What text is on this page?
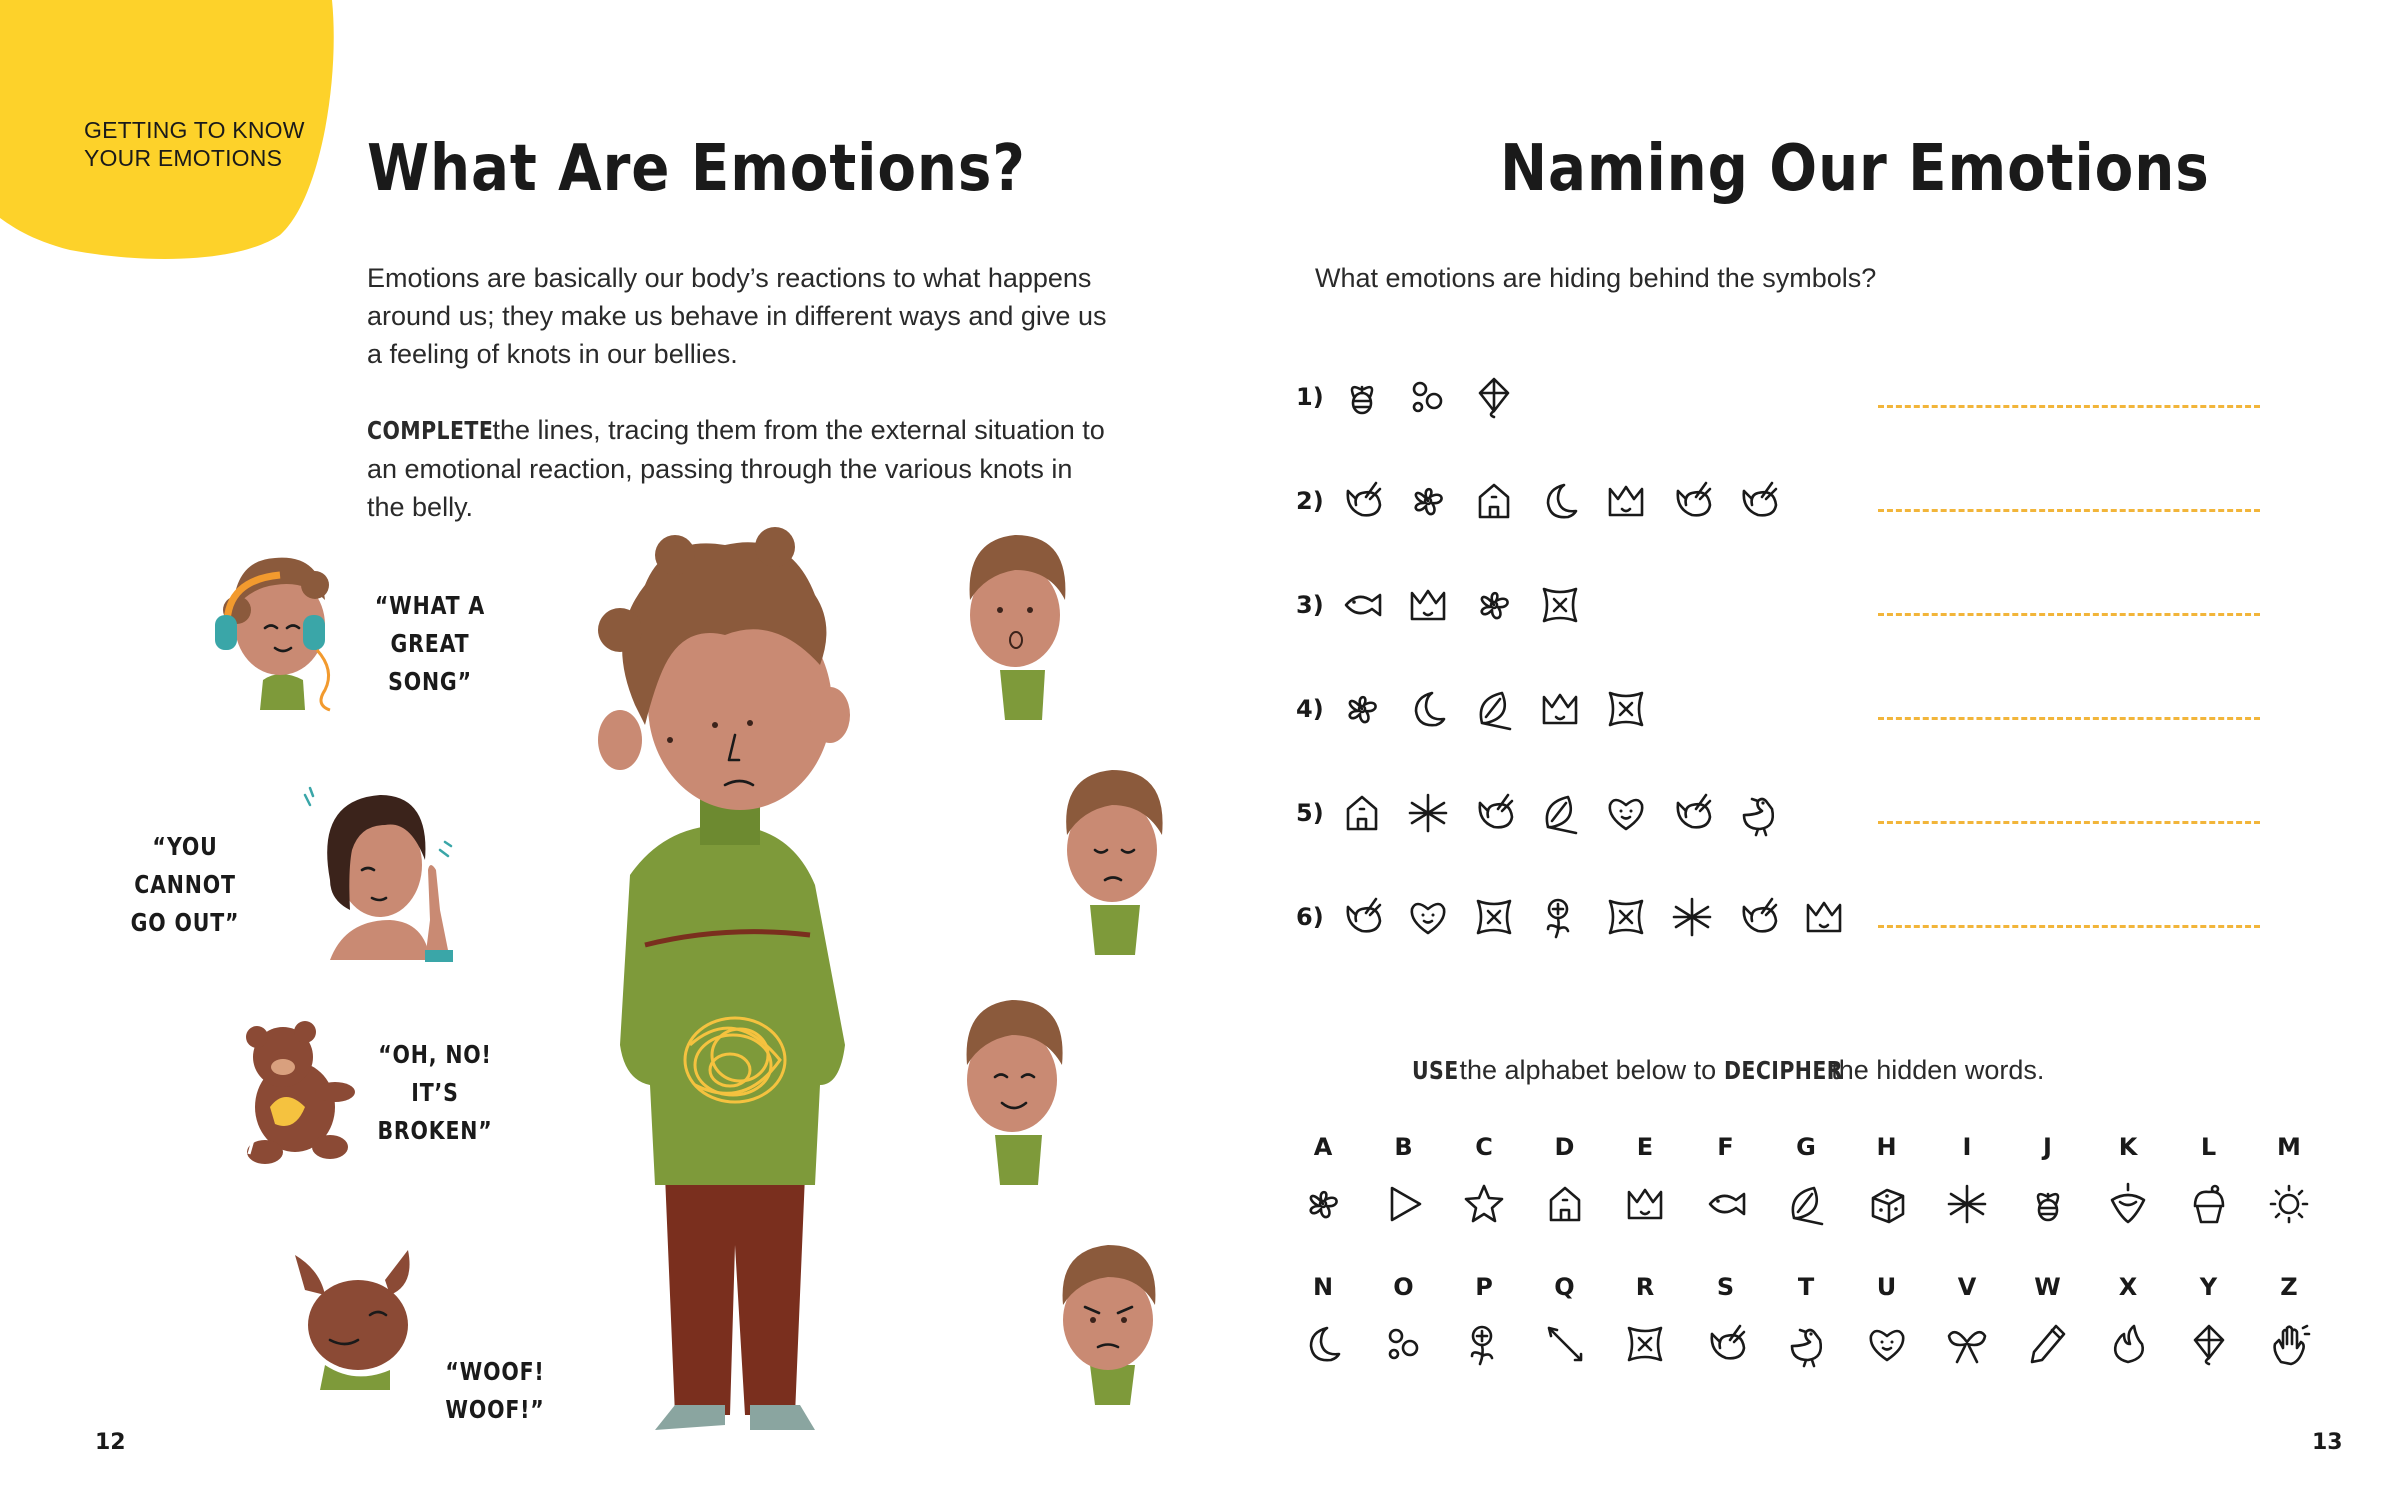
GETTING TO KNOW
YOUR EMOTIONS	What Are Emotions?
Emotions are basically our body’s reactions to what happens
around us; they make us behave in different ways and give us
a feeling of knots in our bellies.
COMPLETE the lines, tracing them from the external situation to
an emotional reaction, passing through the various knots in
the belly.
“WHAT A
GREAT SONG”
“YOU CANNOT
GO OUT”
“OH, NO!
IT’S BROKEN”
“WOOF!
WOOF!”
12
Naming Our Emotions
What emotions are hiding behind the symbols?
1)
2)
3)
4)
5)
6)
USE the alphabet below to DECIPHER the hidden words.
A	B	C	D	E	F	G	H	I	J	K	L	M
N	O	P	Q	R	S	T	U	V	W	X	Y	Z
13
